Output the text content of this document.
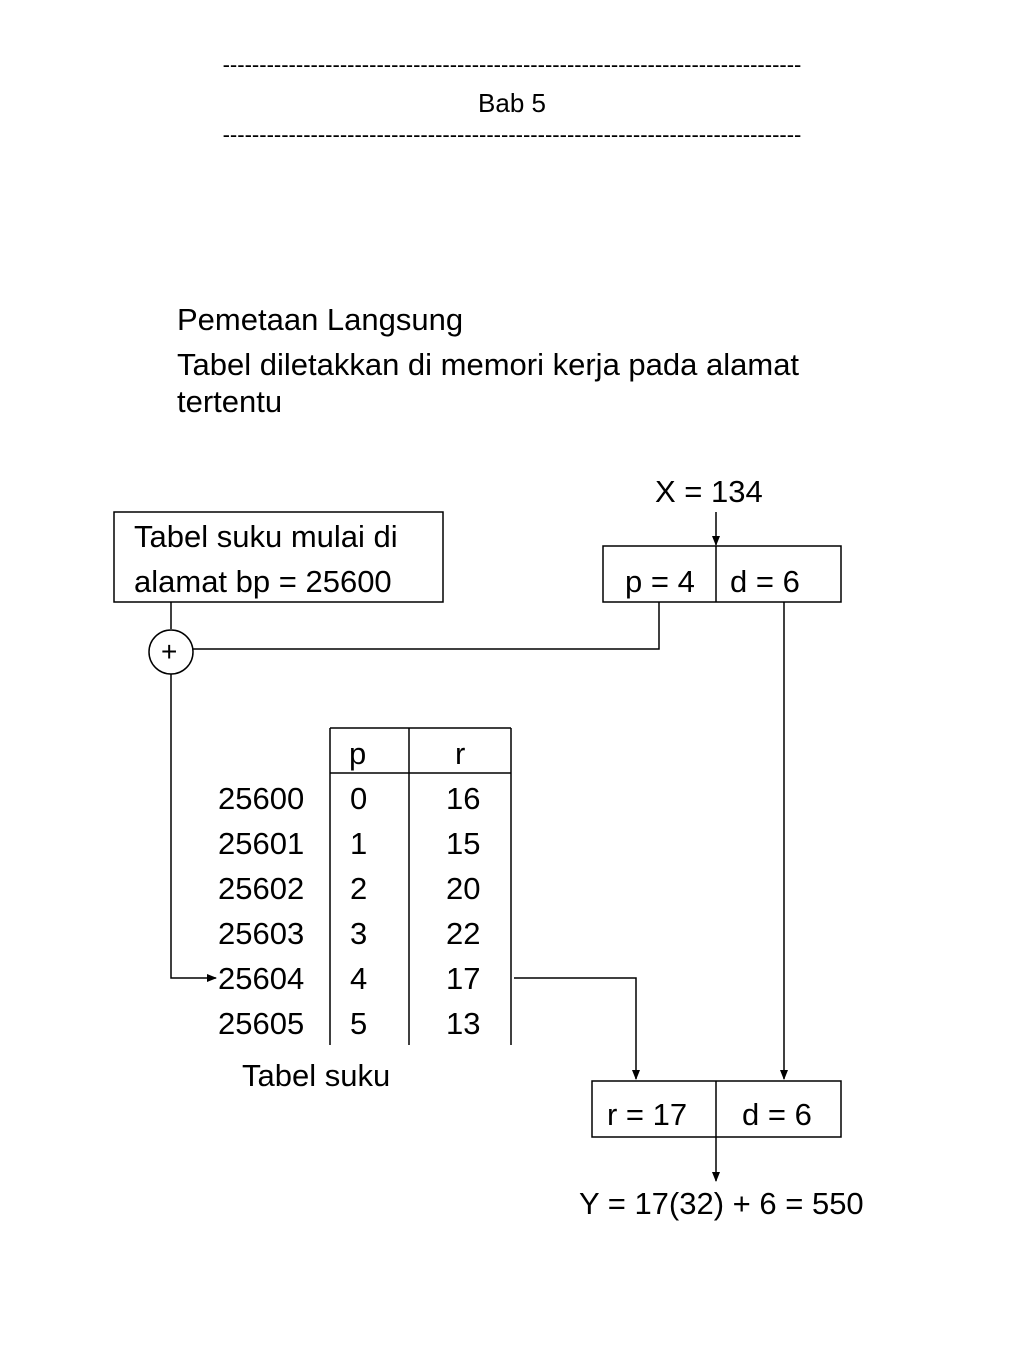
-------------------------------------------------------------------------------
Bab 5
-------------------------------------------------------------------------------
Pemetaan Langsung
Tabel diletakkan di memori kerja pada alamat
tertentu
X = 134
Tabel suku mulai di
alamat bp = 25600
+
p = 4 d = 6
p	r
25600 0	16
25601 1	15
25602 2	20
25603 3	22
25604 4	17
25605 5	13
Tabel suku
r = 17 d = 6
Y = 17(32) + 6 = 550
